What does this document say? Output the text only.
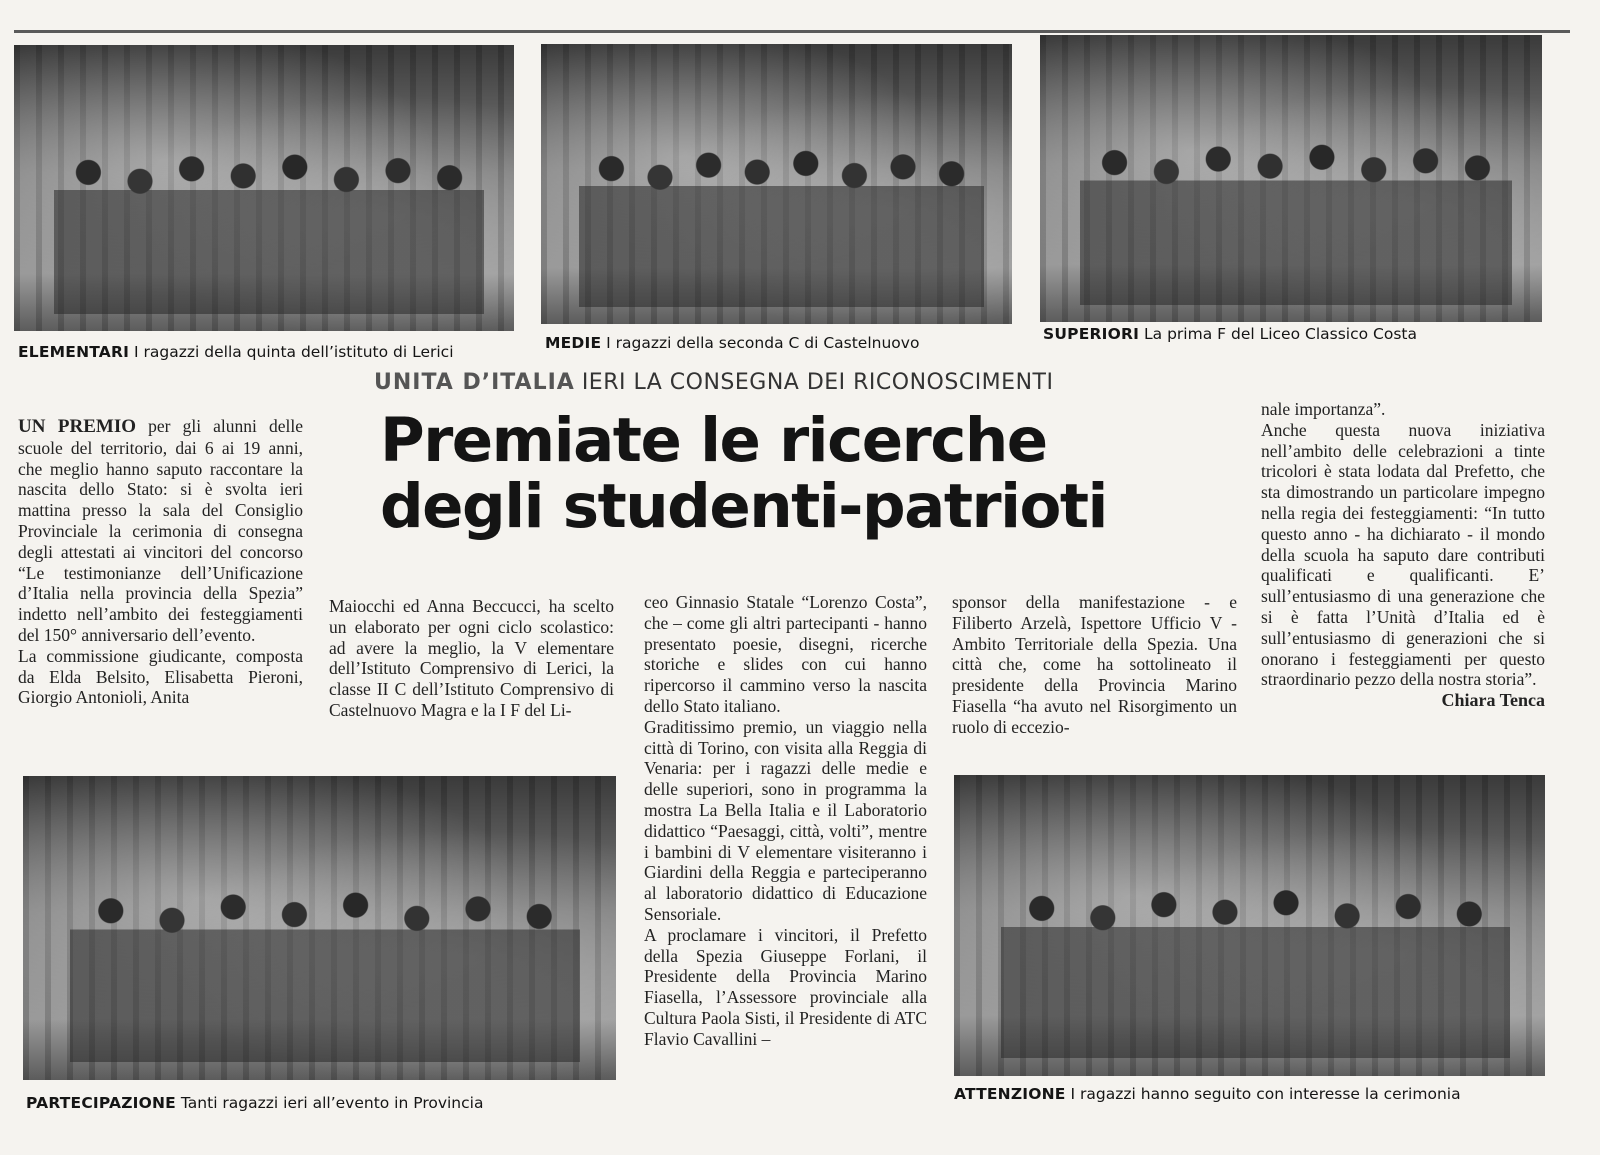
ELEMENTARI I ragazzi della quinta dell’istituto di Lerici	MEDIE I ragazzi della seconda C di Castelnuovo	SUPERIORI La prima F del Liceo Classico Costa
UNITA D’ITALIA IERI LA CONSEGNA DEI RICONOSCIMENTI
Premiate le ricerche
degli studenti-patrioti

UN PREMIO per gli alunni delle scuole del territorio, dai 6 ai 19 anni, che meglio hanno saputo raccontare la nascita dello Stato: si è svolta ieri mattina presso la sala del Consiglio Provinciale la cerimonia di consegna degli attestati ai vincitori del concorso “Le testimonianze dell’Unificazione d’Italia nella provincia della Spezia” indetto nell’ambito dei festeggiamenti del 150° anniversario dell’evento.

La commissione giudicante, composta da Elda Belsito, Elisabetta Pieroni, Giorgio Antonioli, Anita

Maiocchi ed Anna Beccucci, ha scelto un elaborato per ogni ciclo scolastico: ad avere la meglio, la V elementare dell’Istituto Comprensivo di Lerici, la classe II C dell’Istituto Comprensivo di Castelnuovo Magra e la I F del Li-

ceo Ginnasio Statale “Lorenzo Costa”, che – come gli altri partecipanti - hanno presentato poesie, disegni, ricerche storiche e slides con cui hanno ripercorso il cammino verso la nascita dello Stato italiano.

Graditissimo premio, un viaggio nella città di Torino, con visita alla Reggia di Venaria: per i ragazzi delle medie e delle superiori, sono in programma la mostra La Bella Italia e il Laboratorio didattico “Paesaggi, città, volti”, mentre i bambini di V elementare visiteranno i Giardini della Reggia e parteciperanno al laboratorio didattico di Educazione Sensoriale.

A proclamare i vincitori, il Prefetto della Spezia Giuseppe Forlani, il Presidente della Provincia Marino Fiasella, l’Assessore provinciale alla Cultura Paola Sisti, il Presidente di ATC Flavio Cavallini –

sponsor della manifestazione - e Filiberto Arzelà, Ispettore Ufficio V - Ambito Territoriale della Spezia. Una città che, come ha sottolineato il presidente della Provincia Marino Fiasella “ha avuto nel Risorgimento un ruolo di eccezio-

nale importanza”.

Anche questa nuova iniziativa nell’ambito delle celebrazioni a tinte tricolori è stata lodata dal Prefetto, che sta dimostrando un particolare impegno nella regia dei festeggiamenti: “In tutto questo anno - ha dichiarato - il mondo della scuola ha saputo dare contributi qualificati e qualificanti. E’ sull’entusiasmo di una generazione che si è fatta l’Unità d’Italia ed è sull’entusiasmo di generazioni che si onorano i festeggiamenti per questo straordinario pezzo della nostra storia”.

Chiara Tenca

PARTECIPAZIONE Tanti ragazzi ieri all’evento in Provincia	ATTENZIONE I ragazzi hanno seguito con interesse la cerimonia
